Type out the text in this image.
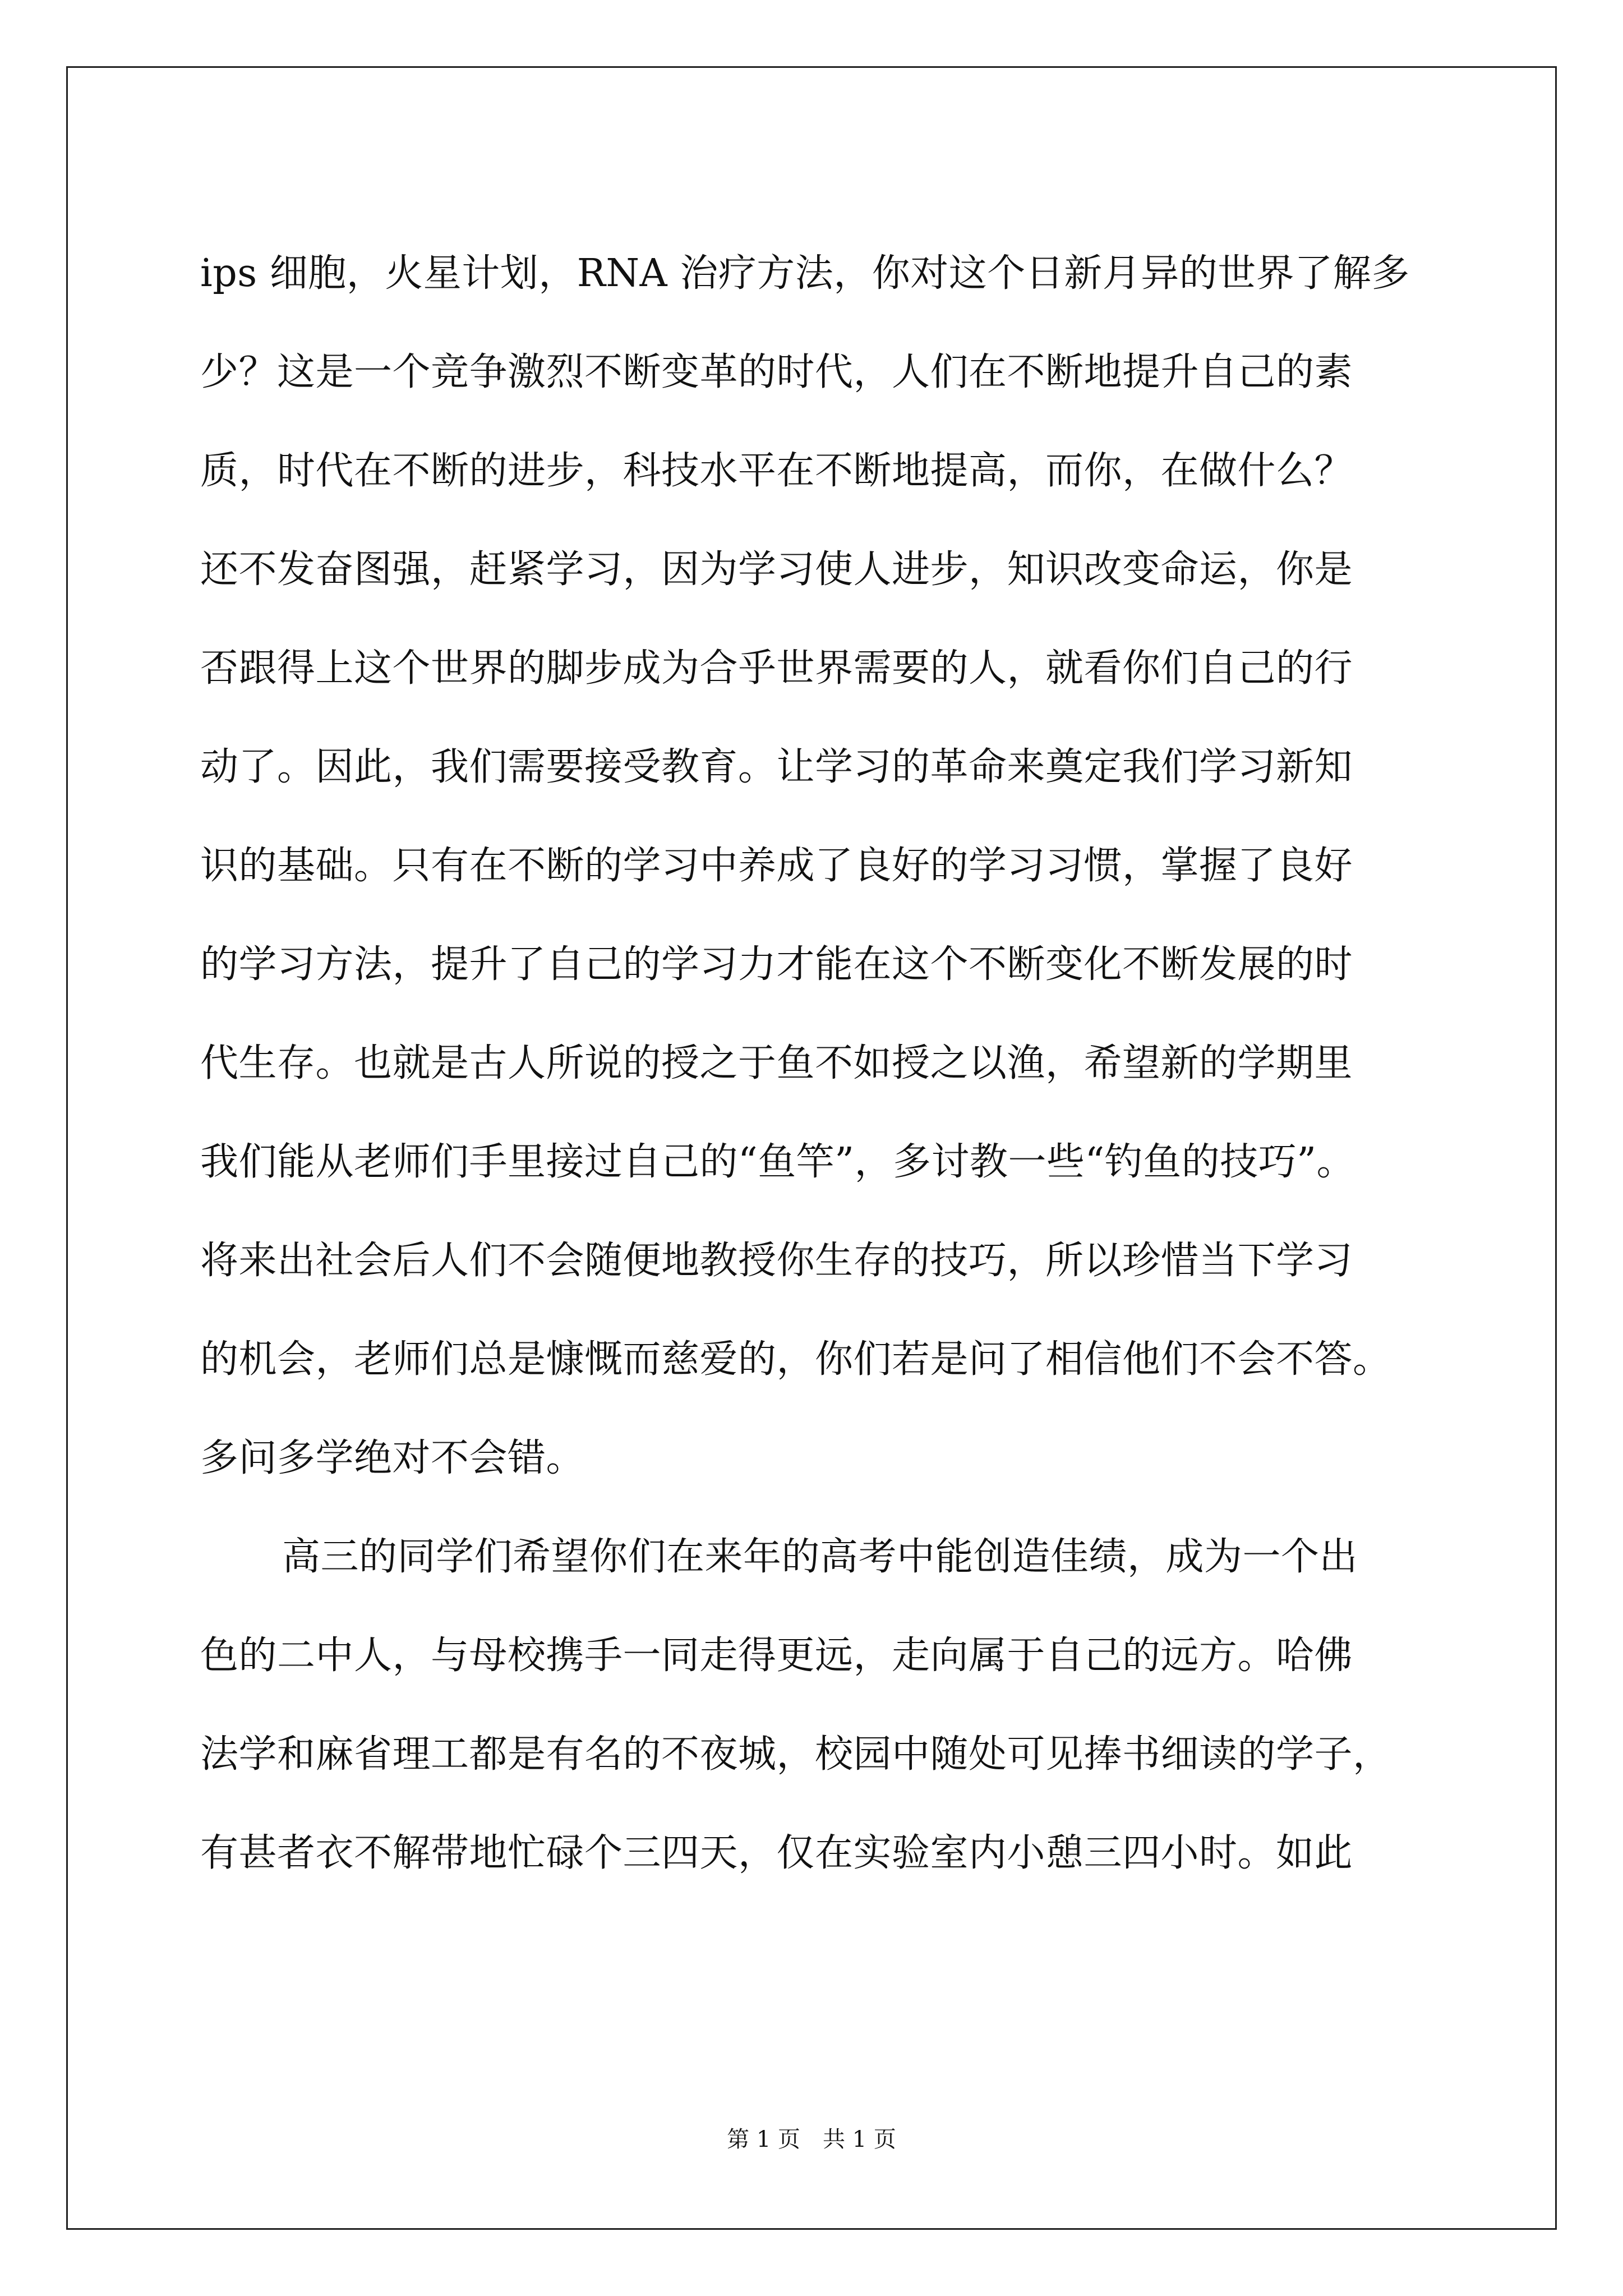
ips 细胞，火星计划，RNA 治疗方法，你对这个日新月异的世界了解多
少？这是一个竞争激烈不断变革的时代，人们在不断地提升自己的素
质，时代在不断的进步，科技水平在不断地提高，而你，在做什么？
还不发奋图强，赶紧学习，因为学习使人进步，知识改变命运，你是
否跟得上这个世界的脚步成为合乎世界需要的人，就看你们自己的行
动了。因此，我们需要接受教育。让学习的革命来奠定我们学习新知
识的基础。只有在不断的学习中养成了良好的学习习惯，掌握了良好
的学习方法，提升了自己的学习力才能在这个不断变化不断发展的时
代生存。也就是古人所说的授之于鱼不如授之以渔，希望新的学期里
我们能从老师们手里接过自己的“鱼竿”，多讨教一些“钓鱼的技巧”。
将来出社会后人们不会随便地教授你生存的技巧，所以珍惜当下学习
的机会，老师们总是慷慨而慈爱的，你们若是问了相信他们不会不答。
多问多学绝对不会错。
高三的同学们希望你们在来年的高考中能创造佳绩，成为一个出
色的二中人，与母校携手一同走得更远，走向属于自己的远方。哈佛
法学和麻省理工都是有名的不夜城，校园中随处可见捧书细读的学子，
有甚者衣不解带地忙碌个三四天，仅在实验室内小憩三四小时。如此
第 1 页　共 1 页
